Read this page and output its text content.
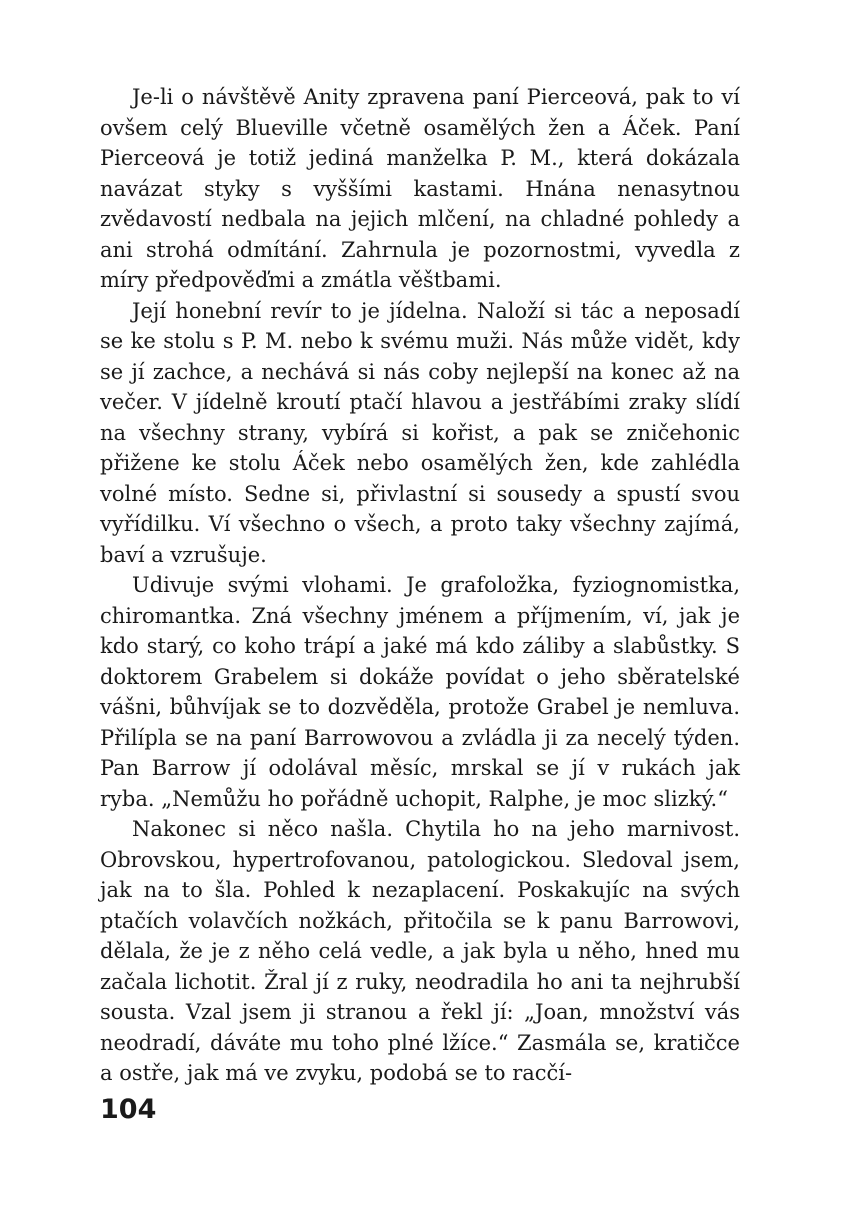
Je-li o návštěvě Anity zpravena paní Pierceová, pak to ví ovšem celý Blueville včetně osamělých žen a Áček. Paní Pierceová je totiž jediná manželka P. M., která dokázala navázat styky s vyššími kastami. Hnána nenasytnou zvědavostí nedbala na jejich mlčení, na chladné pohledy a ani strohá odmítání. Zahrnula je pozornostmi, vyvedla z míry předpověďmi a zmátla věštbami.

Její honební revír to je jídelna. Naloží si tác a neposadí se ke stolu s P. M. nebo k svému muži. Nás může vidět, kdy se jí zachce, a nechává si nás coby nejlepší na konec až na večer. V jídelně kroutí ptačí hlavou a jestřábími zraky slídí na všechny strany, vybírá si kořist, a pak se zničehonic přižene ke stolu Áček nebo osamělých žen, kde zahlédla volné místo. Sedne si, přivlastní si sousedy a spustí svou vyřídilku. Ví všechno o všech, a proto taky všechny zajímá, baví a vzrušuje.

Udivuje svými vlohami. Je grafoložka, fyziognomistka, chiromantka. Zná všechny jménem a příjmením, ví, jak je kdo starý, co koho trápí a jaké má kdo záliby a slabůstky. S doktorem Grabelem si dokáže povídat o jeho sběratelské vášni, bůhvíjak se to dozvěděla, protože Grabel je nemluva. Přilípla se na paní Barrowovou a zvládla ji za necelý týden. Pan Barrow jí odolával měsíc, mrskal se jí v rukách jak ryba. „Nemůžu ho pořádně uchopit, Ralphe, je moc slizký.“

Nakonec si něco našla. Chytila ho na jeho marnivost. Obrovskou, hypertrofovanou, patologickou. Sledoval jsem, jak na to šla. Pohled k nezaplacení. Poskakujíc na svých ptačích volavčích nožkách, přitočila se k panu Barrowovi, dělala, že je z něho celá vedle, a jak byla u něho, hned mu začala lichotit. Žral jí z ruky, neodradila ho ani ta nejhrubší sousta. Vzal jsem ji stranou a řekl jí: „Joan, množství vás neodradí, dáváte mu toho plné lžíce.“ Zasmála se, kratičce a ostře, jak má ve zvyku, podobá se to racčí-

104
